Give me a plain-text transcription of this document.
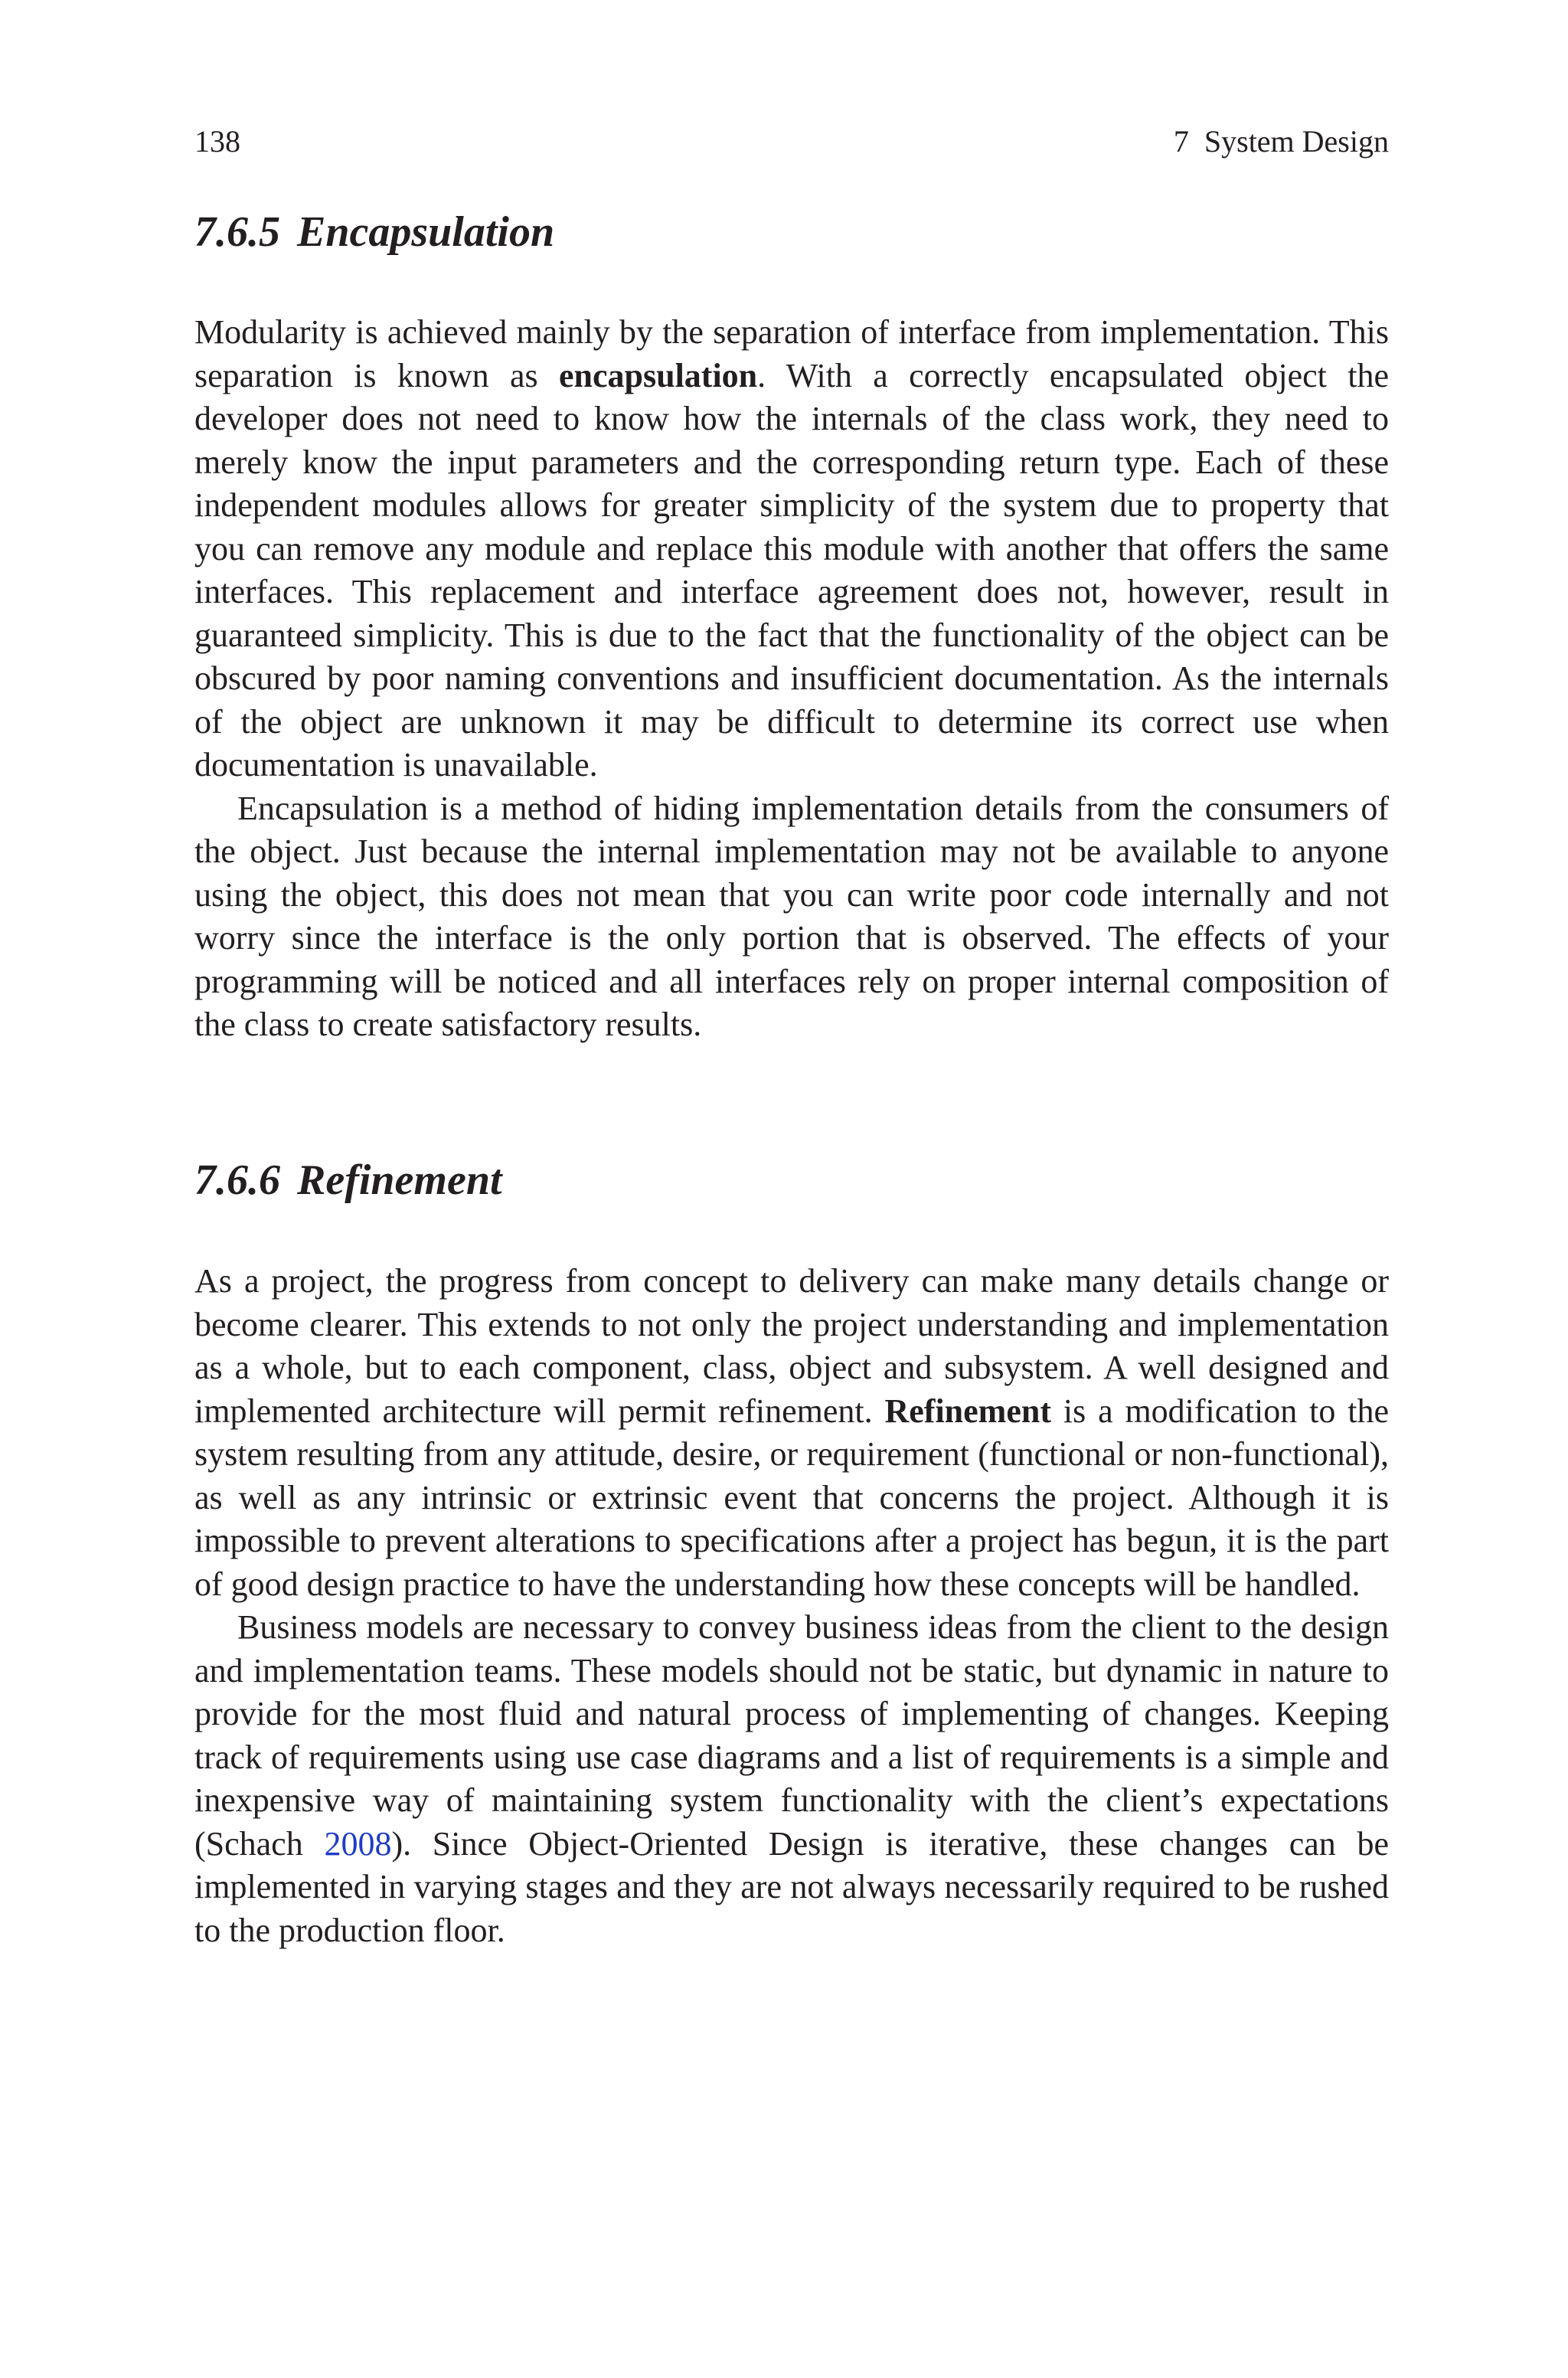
138	7 System Design
7.6.5 Encapsulation

Modularity is achieved mainly by the separation of interface from implementation. This separation is known as encapsulation. With a correctly encapsulated object the developer does not need to know how the internals of the class work, they need to merely know the input parameters and the corresponding return type. Each of these independent modules allows for greater simplicity of the system due to property that you can remove any module and replace this module with another that offers the same interfaces. This replacement and interface agreement does not, however, result in guaranteed simplicity. This is due to the fact that the functionality of the object can be obscured by poor naming conventions and insufficient documentation. As the internals of the object are unknown it may be difficult to determine its correct use when documentation is unavailable.

Encapsulation is a method of hiding implementation details from the consumers of the object. Just because the internal implementation may not be available to anyone using the object, this does not mean that you can write poor code internally and not worry since the interface is the only portion that is observed. The effects of your programming will be noticed and all interfaces rely on proper internal composition of the class to create satisfactory results.

7.6.6 Refinement

As a project, the progress from concept to delivery can make many details change or become clearer. This extends to not only the project understanding and implementation as a whole, but to each component, class, object and subsystem. A well designed and implemented architecture will permit refinement. Refinement is a modification to the system resulting from any attitude, desire, or requirement (functional or non-functional), as well as any intrinsic or extrinsic event that concerns the project. Although it is impossible to prevent alterations to specifications after a project has begun, it is the part of good design practice to have the understanding how these concepts will be handled.

Business models are necessary to convey business ideas from the client to the design and implementation teams. These models should not be static, but dynamic in nature to provide for the most fluid and natural process of implementing of changes. Keeping track of requirements using use case diagrams and a list of requirements is a simple and inexpensive way of maintaining system functionality with the client’s expectations (Schach 2008). Since Object-Oriented Design is iterative, these changes can be implemented in varying stages and they are not always necessarily required to be rushed to the production floor.
